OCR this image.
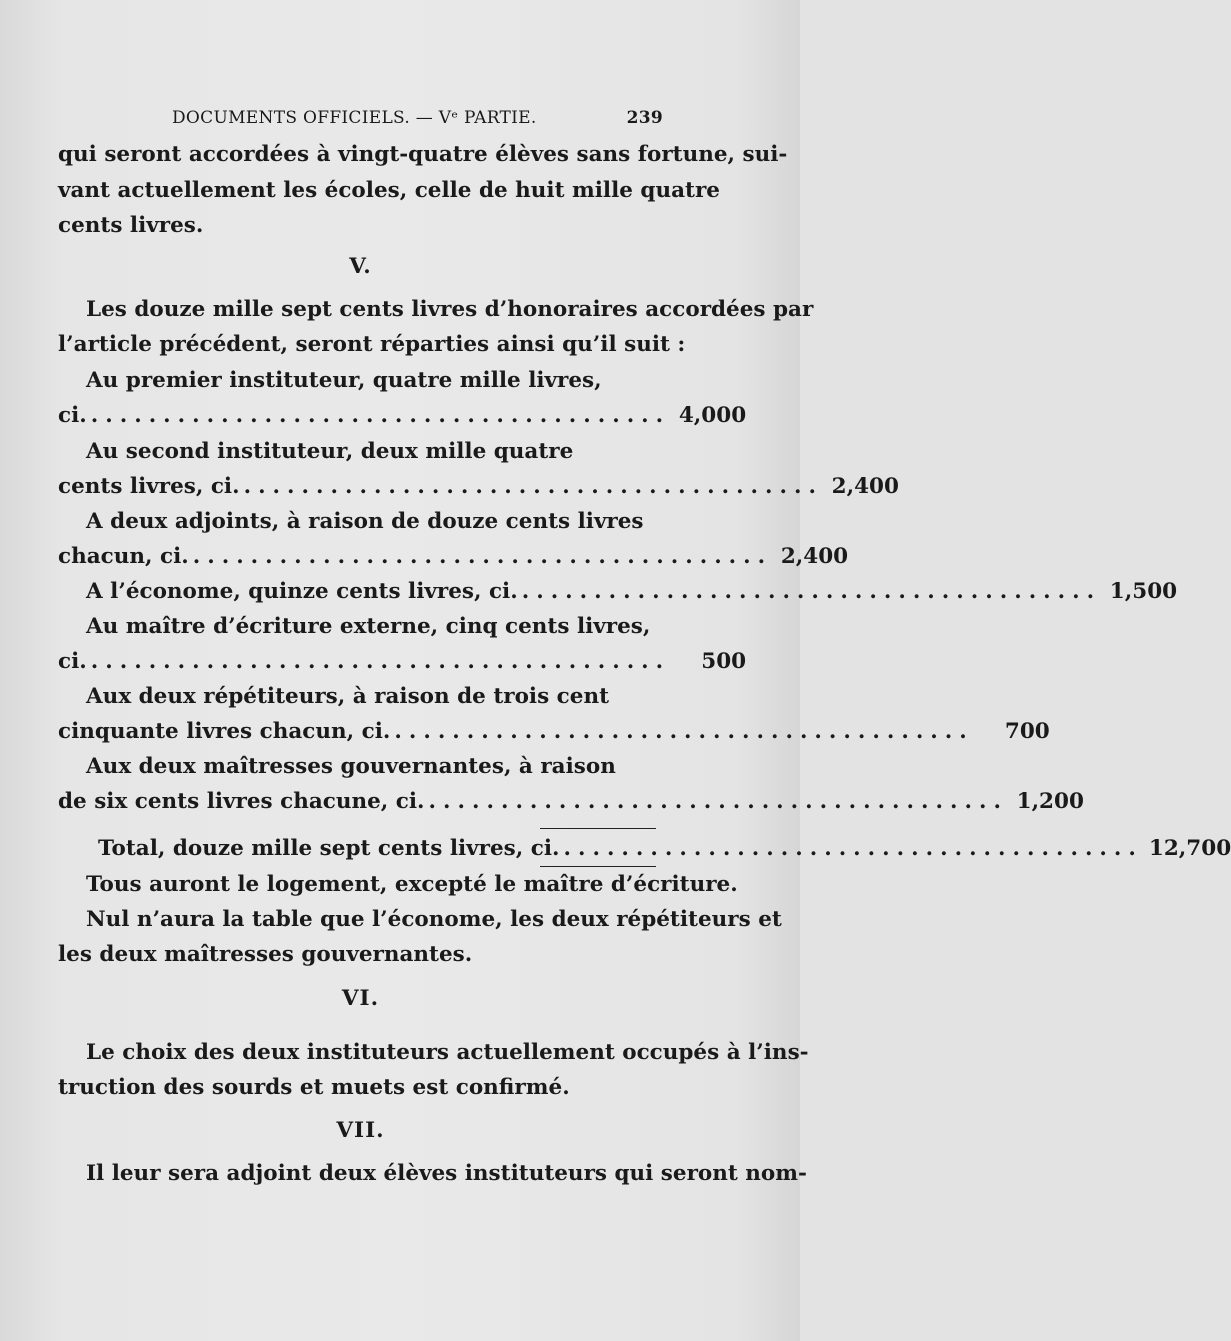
DOCUMENTS OFFICIELS. — Vᵉ PARTIE.	239
qui seront accordées à vingt-quatre élèves sans fortune, sui-
vant actuellement les écoles, celle de huit mille quatre
cents livres.
V.
Les douze mille sept cents livres d’honoraires accordées par
l’article précédent, seront réparties ainsi qu’il suit :
Au premier instituteur, quatre mille livres,
ci. ........................................ 4,000
Au second instituteur, deux mille quatre
cents livres, ci. ........................................ 2,400
A deux adjoints, à raison de douze cents livres
chacun, ci. ........................................ 2,400
A l’économe, quinze cents livres, ci. ........................................ 1,500
Au maître d’écriture externe, cinq cents livres,
ci. ........................................	500
Aux deux répétiteurs, à raison de trois cent
cinquante livres chacun, ci. ........................................	700
Aux deux maîtresses gouvernantes, à raison
de six cents livres chacune, ci. ........................................ 1,200
Total, douze mille sept cents livres, ci. ........................................ 12,700
Tous auront le logement, excepté le maître d’écriture.
Nul n’aura la table que l’économe, les deux répétiteurs et
les deux maîtresses gouvernantes.
VI.
Le choix des deux instituteurs actuellement occupés à l’ins-
truction des sourds et muets est confirmé.
VII.
Il leur sera adjoint deux élèves instituteurs qui seront nom-
